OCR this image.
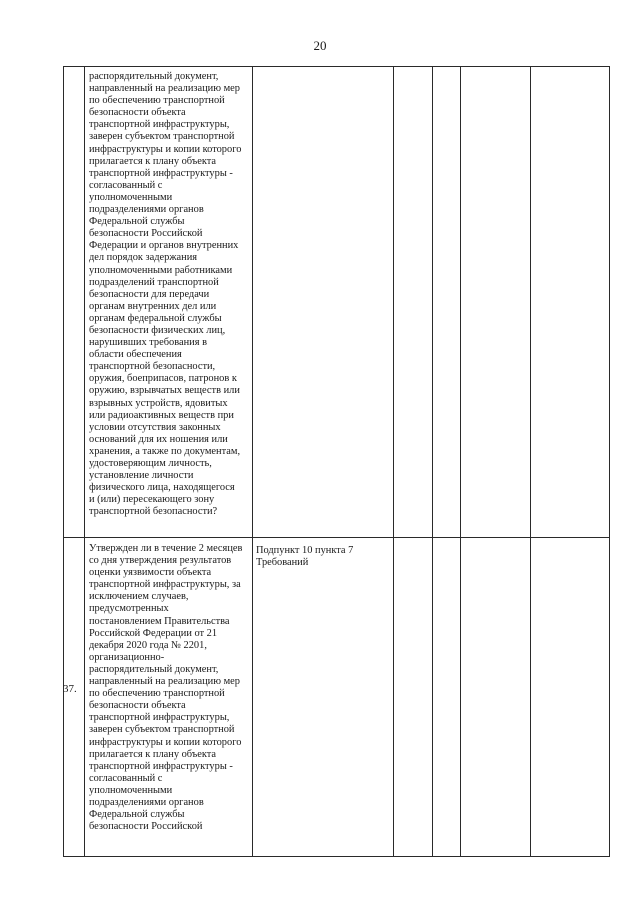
20
распорядительный документ,
направленный на реализацию мер
по обеспечению транспортной
безопасности объекта
транспортной инфраструктуры,
заверен субъектом транспортной
инфраструктуры и копии которого
прилагается к плану объекта
транспортной инфраструктуры -
согласованный с
уполномоченными
подразделениями органов
Федеральной службы
безопасности Российской
Федерации и органов внутренних
дел порядок задержания
уполномоченными работниками
подразделений транспортной
безопасности для передачи
органам внутренних дел или
органам федеральной службы
безопасности физических лиц,
нарушивших требования в
области обеспечения
транспортной безопасности,
оружия, боеприпасов, патронов к
оружию, взрывчатых веществ или
взрывных устройств, ядовитых
или радиоактивных веществ при
условии отсутствия законных
оснований для их ношения или
хранения, а также по документам,
удостоверяющим личность,
установление личности
физического лица, находящегося
и (или) пересекающего зону
транспортной безопасности?
37.
Утвержден ли в течение 2 месяцев
со дня утверждения результатов
оценки уязвимости объекта
транспортной инфраструктуры, за
исключением случаев,
предусмотренных
постановлением Правительства
Российской Федерации от 21
декабря 2020 года № 2201,
организационно-
распорядительный документ,
направленный на реализацию мер
по обеспечению транспортной
безопасности объекта
транспортной инфраструктуры,
заверен субъектом транспортной
инфраструктуры и копии которого
прилагается к плану объекта
транспортной инфраструктуры -
согласованный с
уполномоченными
подразделениями органов
Федеральной службы
безопасности Российской
Подпункт 10 пункта 7
Требований
